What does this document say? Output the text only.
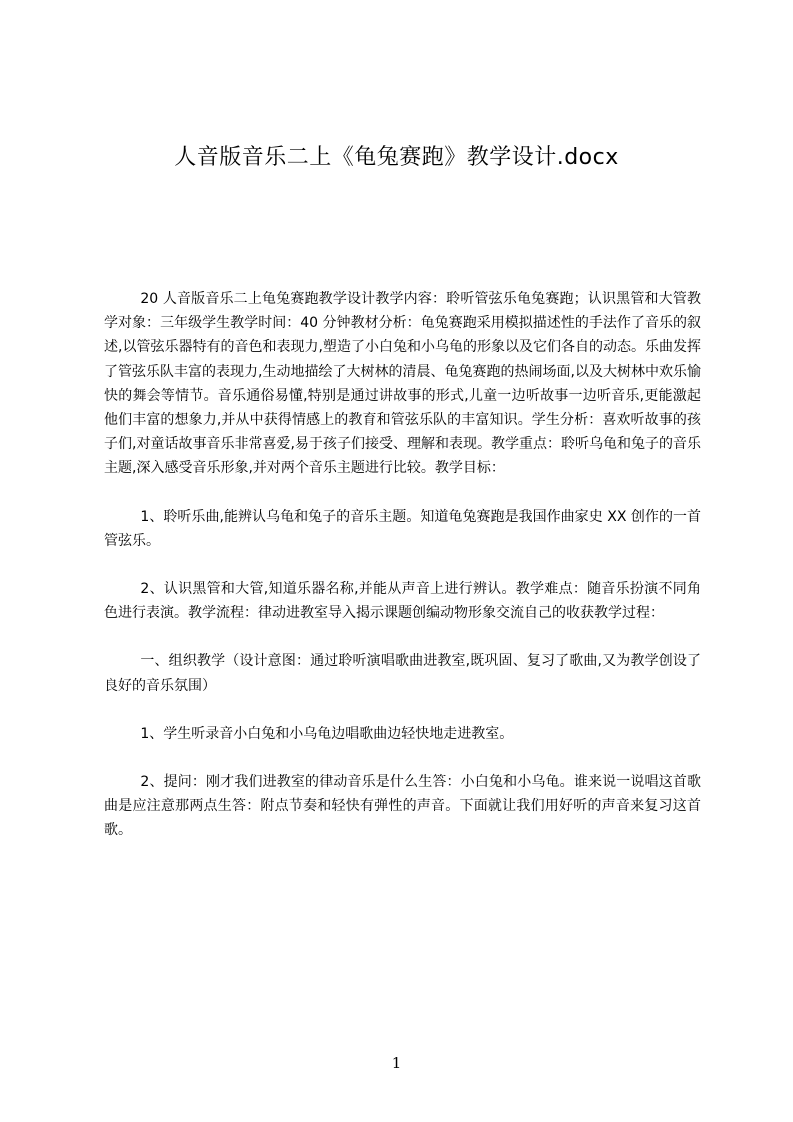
人音版音乐二上《龟兔赛跑》教学设计.docx

20 人音版音乐二上龟兔赛跑教学设计教学内容：聆听管弦乐龟兔赛跑；认识黑管和大管教学对象：三年级学生教学时间：40 分钟教材分析：龟兔赛跑采用模拟描述性的手法作了音乐的叙述,以管弦乐器特有的音色和表现力,塑造了小白兔和小乌龟的形象以及它们各自的动态。乐曲发挥了管弦乐队丰富的表现力,生动地描绘了大树林的清晨、龟兔赛跑的热闹场面,以及大树林中欢乐愉快的舞会等情节。音乐通俗易懂,特别是通过讲故事的形式,儿童一边听故事一边听音乐,更能激起他们丰富的想象力,并从中获得情感上的教育和管弦乐队的丰富知识。学生分析：喜欢听故事的孩子们,对童话故事音乐非常喜爱,易于孩子们接受、理解和表现。教学重点：聆听乌龟和兔子的音乐主题,深入感受音乐形象,并对两个音乐主题进行比较。教学目标：

1、聆听乐曲,能辨认乌龟和兔子的音乐主题。知道龟兔赛跑是我国作曲家史 XX 创作的一首管弦乐。

2、认识黑管和大管,知道乐器名称,并能从声音上进行辨认。教学难点：随音乐扮演不同角色进行表演。教学流程：律动进教室导入揭示课题创编动物形象交流自己的收获教学过程：

一、组织教学（设计意图：通过聆听演唱歌曲进教室,既巩固、复习了歌曲,又为教学创设了良好的音乐氛围）

1、学生听录音小白兔和小乌龟边唱歌曲边轻快地走进教室。

2、提问：刚才我们进教室的律动音乐是什么生答：小白兔和小乌龟。谁来说一说唱这首歌曲是应注意那两点生答：附点节奏和轻快有弹性的声音。下面就让我们用好听的声音来复习这首歌。

1
